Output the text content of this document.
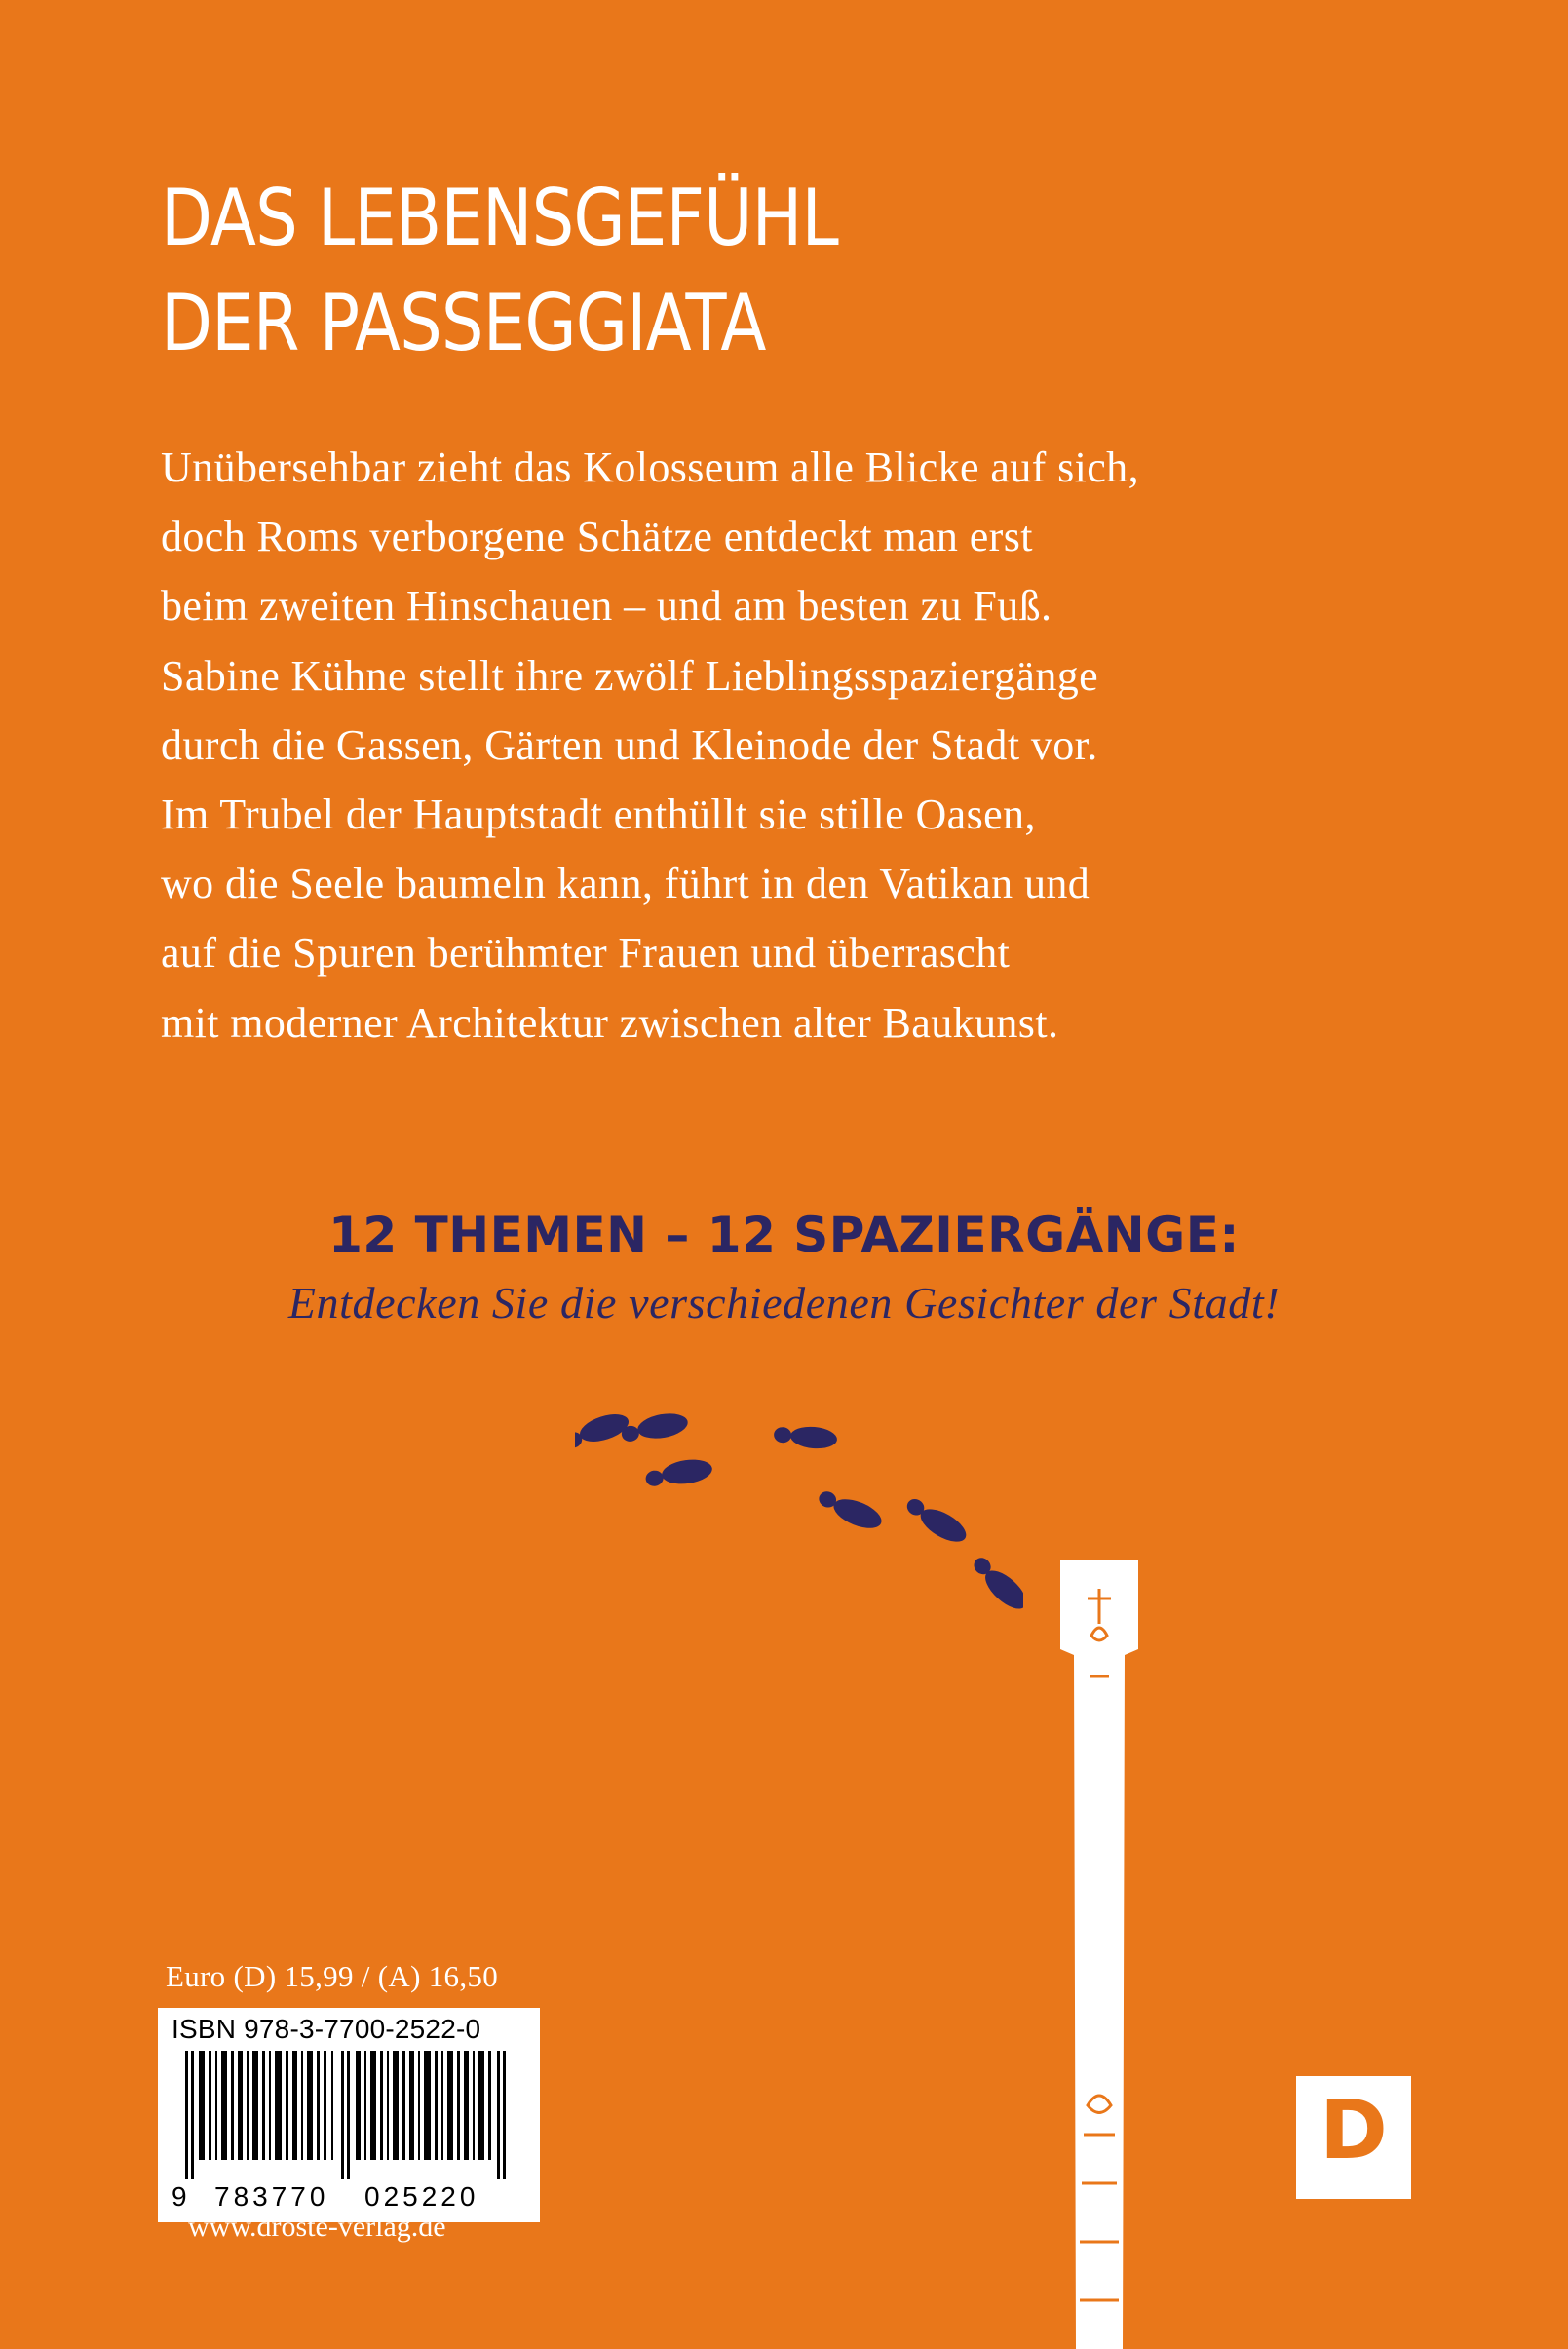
DAS LEBENSGEFÜHL
DER PASSEGGIATA

Unübersehbar zieht das Kolosseum alle Blicke auf sich,
doch Roms verborgene Schätze entdeckt man erst
beim zweiten Hinschauen – und am besten zu Fuß.
Sabine Kühne stellt ihre zwölf Lieblingsspaziergänge
durch die Gassen, Gärten und Kleinode der Stadt vor.
Im Trubel der Hauptstadt enthüllt sie stille Oasen,
wo die Seele baumeln kann, führt in den Vatikan und
auf die Spuren berühmter Frauen und überrascht
mit moderner Architektur zwischen alter Baukunst.

12 THEMEN – 12 SPAZIERGÄNGE:

Entdecken Sie die verschiedenen Gesichter der Stadt!

Euro (D) 15,99 / (A) 16,50
ISBN 978-3-7700-2522-0
9 783770 025220
www.droste-verlag.de
D
